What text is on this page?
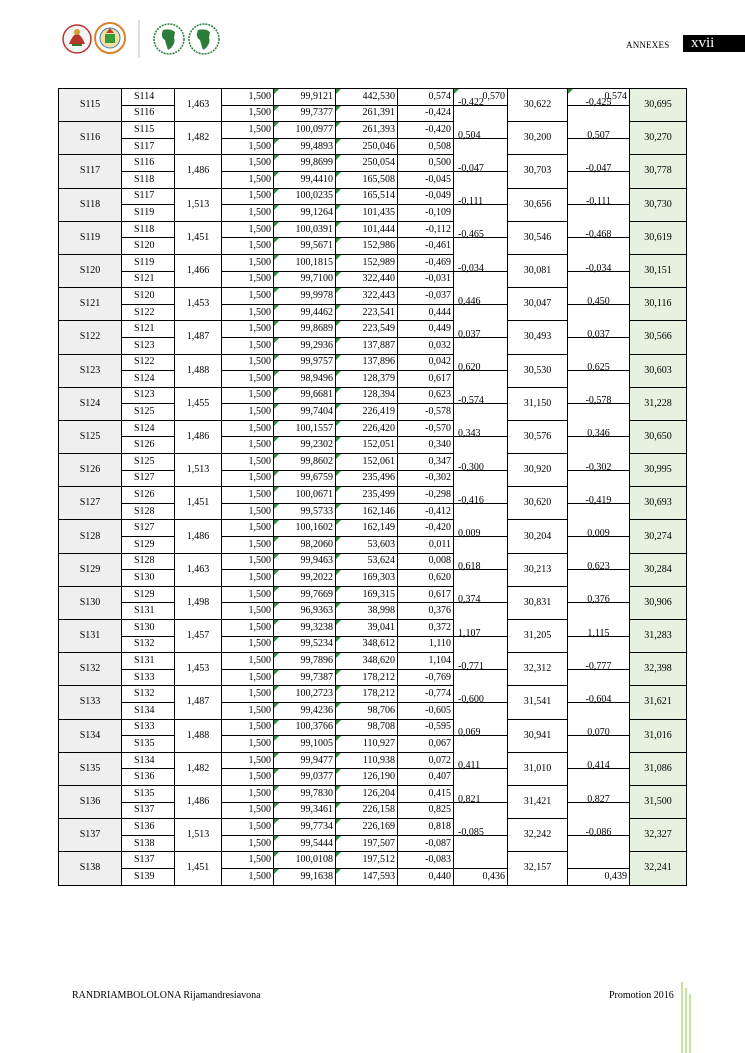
ANNEXES	xvii
S115	S114	1,463	1,500	99,9121	442,530	0,574	0,570	30,622	0,574	30,695
	S116		1,500	99,7377	261,391	-0,424	-0,422		-0,425	

S116	S115	1,482	1,500	100,0977	261,393	-0,420		30,200		30,270
	S117		1,500	99,4893	250,046	0,508	0,504		0,507	

S117	S116	1,486	1,500	99,8699	250,054	0,500		30,703		30,778
	S118		1,500	99,4410	165,508	-0,045	-0,047		-0,047	

S118	S117	1,513	1,500	100,0235	165,514	-0,049		30,656		30,730
	S119		1,500	99,1264	101,435	-0,109	-0,111		-0,111	

S119	S118	1,451	1,500	100,0391	101,444	-0,112		30,546		30,619
	S120		1,500	99,5671	152,986	-0,461	-0,465		-0,468	

S120	S119	1,466	1,500	100,1815	152,989	-0,469		30,081		30,151
	S121		1,500	99,7100	322,440	-0,031	-0,034		-0,034	

S121	S120	1,453	1,500	99,9978	322,443	-0,037		30,047		30,116
	S122		1,500	99,4462	223,541	0,444	0,446		0,450	

S122	S121	1,487	1,500	99,8689	223,549	0,449		30,493		30,566
	S123		1,500	99,2936	137,887	0,032	0,037		0,037	

S123	S122	1,488	1,500	99,9757	137,896	0,042		30,530		30,603
	S124		1,500	98,9496	128,379	0,617	0,620		0,625	

S124	S123	1,455	1,500	99,6681	128,394	0,623		31,150		31,228
	S125		1,500	99,7404	226,419	-0,578	-0,574		-0,578	

S125	S124	1,486	1,500	100,1557	226,420	-0,570		30,576		30,650
	S126		1,500	99,2302	152,051	0,340	0,343		0,346	

S126	S125	1,513	1,500	99,8602	152,061	0,347		30,920		30,995
	S127		1,500	99,6759	235,496	-0,302	-0,300		-0,302	

S127	S126	1,451	1,500	100,0671	235,499	-0,298		30,620		30,693
	S128		1,500	99,5733	162,146	-0,412	-0,416		-0,419	

S128	S127	1,486	1,500	100,1602	162,149	-0,420		30,204		30,274
	S129		1,500	98,2060	53,603	0,011	0,009		0,009	

S129	S128	1,463	1,500	99,9463	53,624	0,008		30,213		30,284
	S130		1,500	99,2022	169,303	0,620	0,618		0,623	

S130	S129	1,498	1,500	99,7669	169,315	0,617		30,831		30,906
	S131		1,500	96,9363	38,998	0,376	0,374		0,376	

S131	S130	1,457	1,500	99,3238	39,041	0,372		31,205		31,283
	S132		1,500	99,5234	348,612	1,110	1,107		1,115	

S132	S131	1,453	1,500	99,7896	348,620	1,104		32,312		32,398
	S133		1,500	99,7387	178,212	-0,769	-0,771		-0,777	

S133	S132	1,487	1,500	100,2723	178,212	-0,774		31,541		31,621
	S134		1,500	99,4236	98,706	-0,605	-0,600		-0,604	

S134	S133	1,488	1,500	100,3766	98,708	-0,595		30,941		31,016
	S135		1,500	99,1005	110,927	0,067	0,069		0,070	

S135	S134	1,482	1,500	99,9477	110,938	0,072		31,010		31,086
	S136		1,500	99,0377	126,190	0,407	0,411		0,414	

S136	S135	1,486	1,500	99,7830	126,204	0,415		31,421		31,500
	S137		1,500	99,3461	226,158	0,825	0,821		0,827	

S137	S136	1,513	1,500	99,7734	226,169	0,818		32,242		32,327
	S138		1,500	99,5444	197,507	-0,087	-0,085		-0,086	

S138	S137	1,451	1,500	100,0108	197,512	-0,083		32,157		32,241
	S139		1,500	99,1638	147,593	0,440	0,436		0,439	
RANDRIAMBOLOLONA Rijamandresiavona	Promotion 2016
